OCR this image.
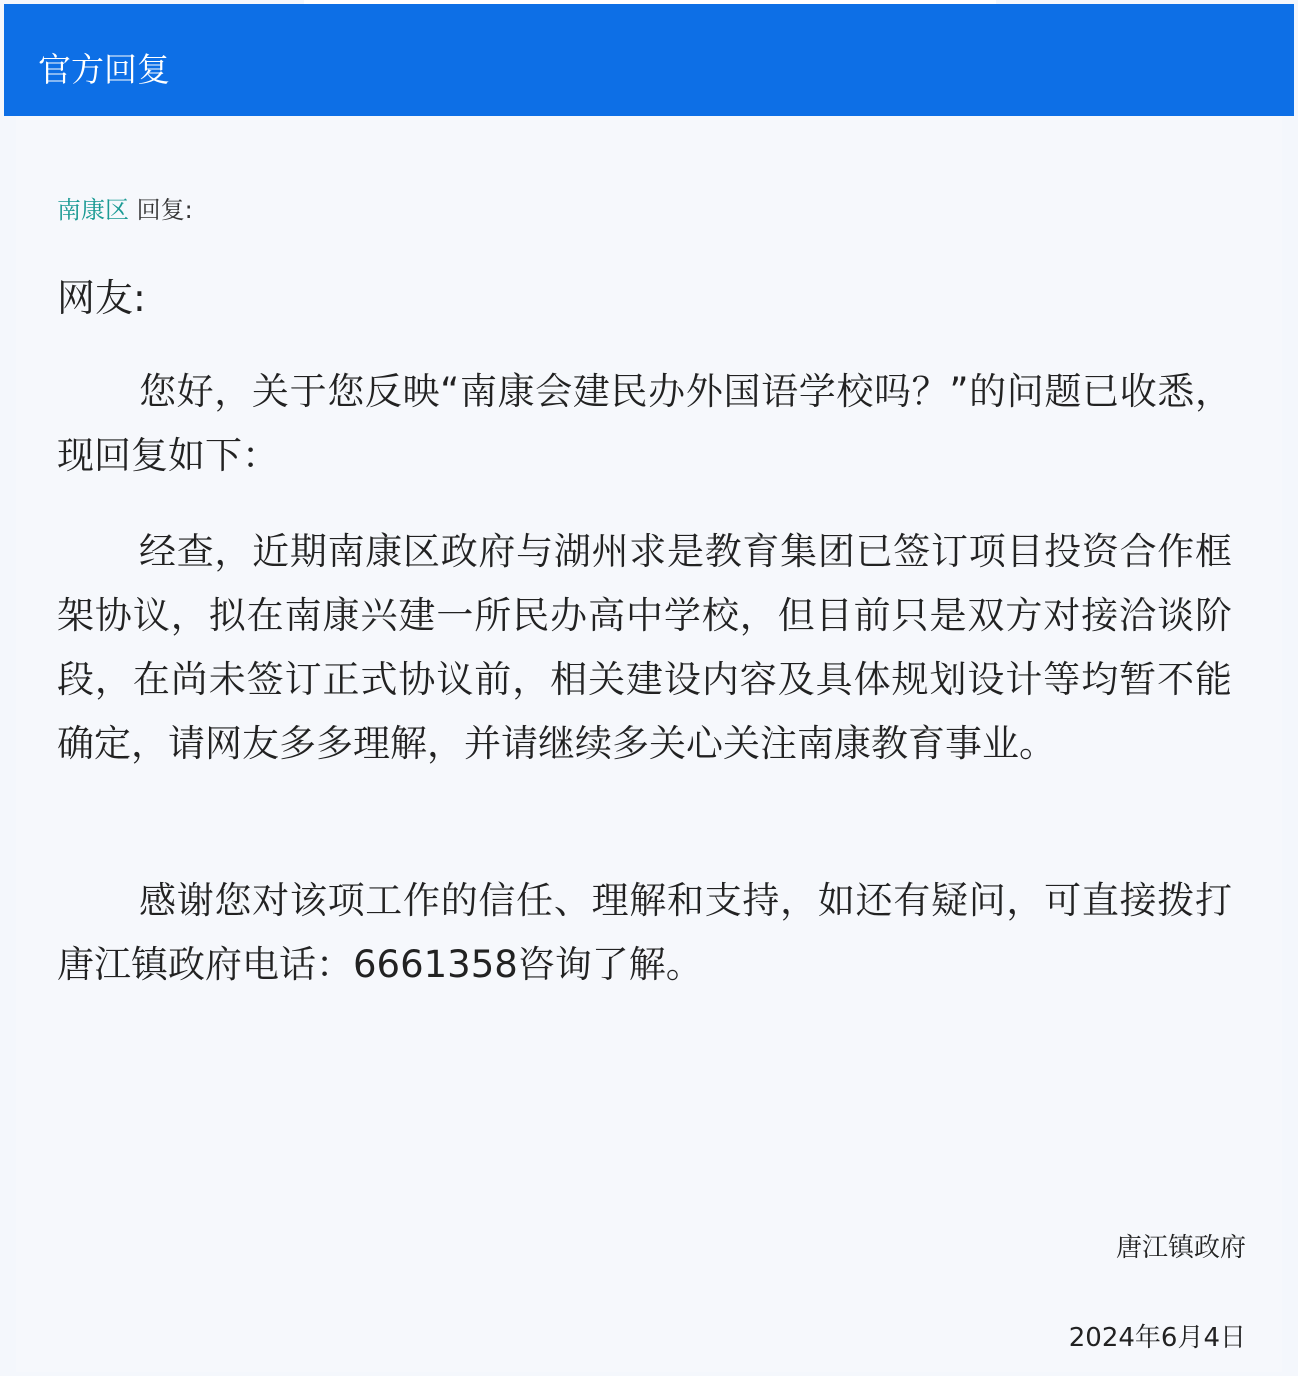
官方回复
南康区 回复:
网友:

您好，关于您反映“南康会建民办外国语学校吗？”的问题已收悉，现回复如下：

经查，近期南康区政府与湖州求是教育集团已签订项目投资合作框架协议，拟在南康兴建一所民办高中学校，但目前只是双方对接洽谈阶段，在尚未签订正式协议前，相关建设内容及具体规划设计等均暂不能确定，请网友多多理解，并请继续多关心关注南康教育事业。

感谢您对该项工作的信任、理解和支持，如还有疑问，可直接拨打唐江镇政府电话：6661358咨询了解。

唐江镇政府
2024年6月4日
